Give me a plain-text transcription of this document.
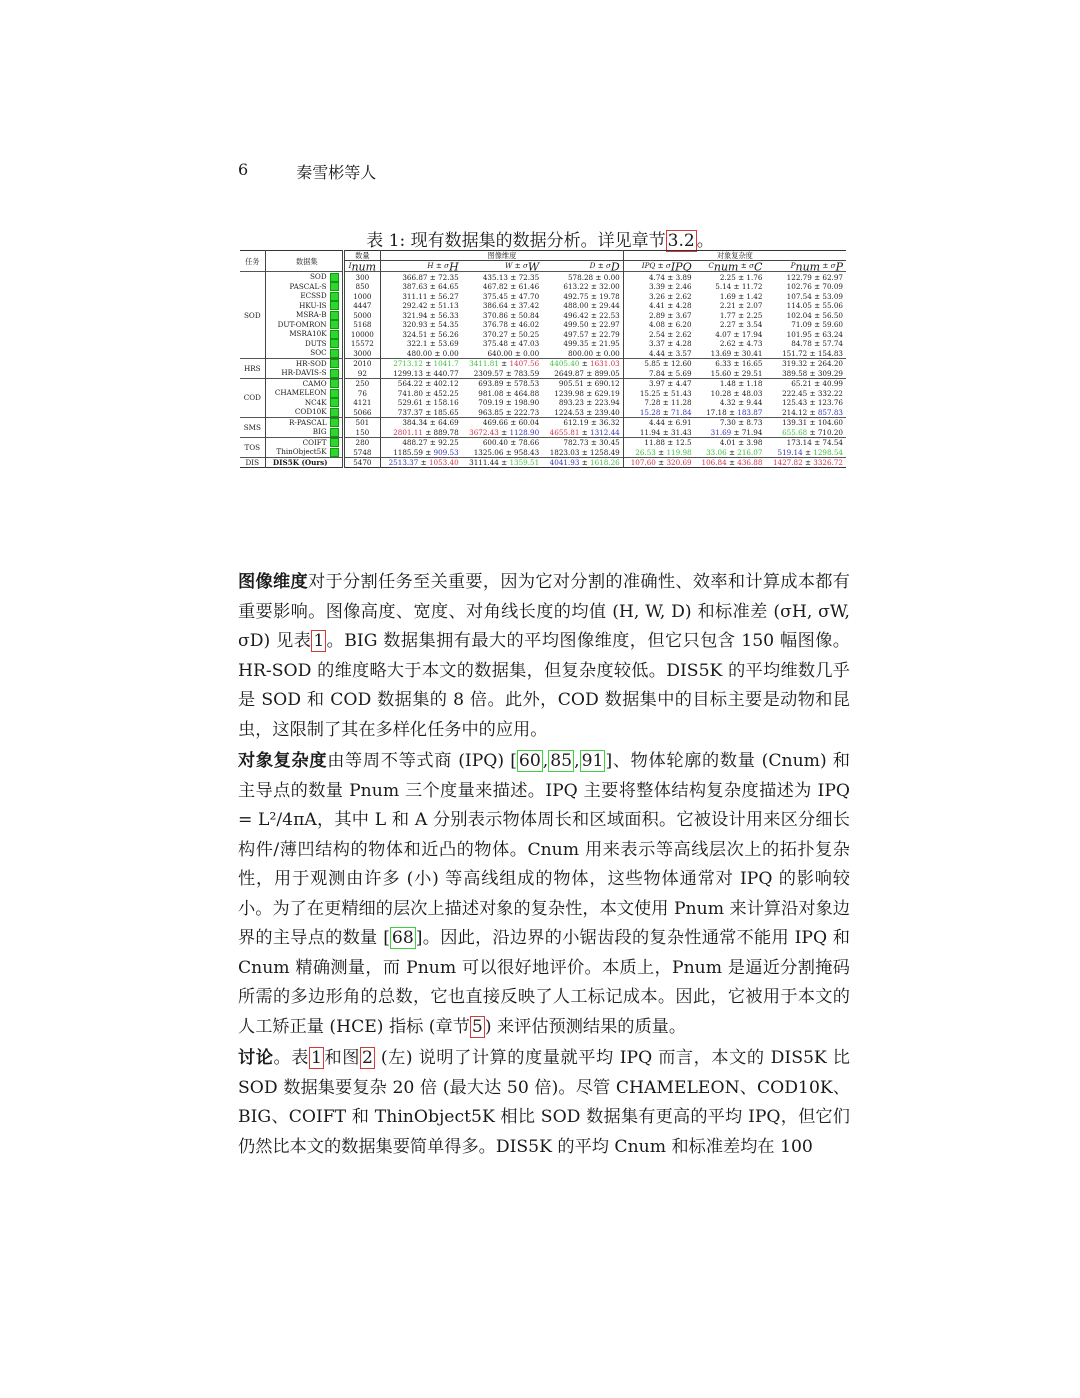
6	秦雪彬等人
表 1: 现有数据集的数据分析。详见章节 3.2 。
任务	数据集	数量	图像维度			对象复杂度		
		$I_{num}$	$H \pm \sigma_H$	$W \pm \sigma_W$	$D \pm \sigma_D$	IPQ ± $\sigma_{IPQ}$	$C_{num} \pm \sigma_C$	$P_{num} \pm \sigma_P$
SOD	SOD	300	366.87 ± 72.35	435.13 ± 72.35	578.28 ± 0.00	4.74 ± 3.89	2.25 ± 1.76	122.79 ± 62.97
	PASCAL-S	850	387.63 ± 64.65	467.82 ± 61.46	613.22 ± 32.00	3.39 ± 2.46	5.14 ± 11.72	102.76 ± 70.09
	ECSSD	1000	311.11 ± 56.27	375.45 ± 47.70	492.75 ± 19.78	3.26 ± 2.62	1.69 ± 1.42	107.54 ± 53.09
	HKU-IS	4447	292.42 ± 51.13	386.64 ± 37.42	488.00 ± 29.44	4.41 ± 4.28	2.21 ± 2.07	114.05 ± 55.06
	MSRA-B	5000	321.94 ± 56.33	370.86 ± 50.84	496.42 ± 22.53	2.89 ± 3.67	1.77 ± 2.25	102.04 ± 56.50
	DUT-OMRON	5168	320.93 ± 54.35	376.78 ± 46.02	499.50 ± 22.97	4.08 ± 6.20	2.27 ± 3.54	71.09 ± 59.60
	MSRA10K	10000	324.51 ± 56.26	370.27 ± 50.25	497.57 ± 22.79	2.54 ± 2.62	4.07 ± 17.94	101.95 ± 63.24
	DUTS	15572	322.1 ± 53.69	375.48 ± 47.03	499.35 ± 21.95	3.37 ± 4.28	2.62 ± 4.73	84.78 ± 57.74
	SOC	3000	480.00 ± 0.00	640.00 ± 0.00	800.00 ± 0.00	4.44 ± 3.57	13.69 ± 30.41	151.72 ± 154.83
HRS	HR-SOD	2010	2713.12 ± 1041.7	3411.81 ± 1407.56	4405.40 ± 1631.03	5.85 ± 12.60	6.33 ± 16.65	319.32 ± 264.20
	HR-DAVIS-S	92	1299.13 ± 440.77	2309.57 ± 783.59	2649.87 ± 899.05	7.84 ± 5.69	15.60 ± 29.51	389.58 ± 309.29
COD	CAMO	250	564.22 ± 402.12	693.89 ± 578.53	905.51 ± 690.12	3.97 ± 4.47	1.48 ± 1.18	65.21 ± 40.99
	CHAMELEON	76	741.80 ± 452.25	981.08 ± 464.88	1239.98 ± 629.19	15.25 ± 51.43	10.28 ± 48.03	222.45 ± 332.22
	NC4K	4121	529.61 ± 158.16	709.19 ± 198.90	893.23 ± 223.94	7.28 ± 11.28	4.32 ± 9.44	125.43 ± 123.76
	COD10K	5066	737.37 ± 185.65	963.85 ± 222.73	1224.53 ± 239.40	15.28 ± 71.84	17.18 ± 183.87	214.12 ± 857.83
SMS	R-PASCAL	501	384.34 ± 64.69	469.66 ± 60.04	612.19 ± 36.32	4.44 ± 6.91	7.30 ± 8.73	139.31 ± 104.60
	BIG	150	2801.11 ± 889.78	3672.43 ± 1128.90	4655.81 ± 1312.44	11.94 ± 31.43	31.69 ± 71.94	655.68 ± 710.20
TOS	COIFT	280	488.27 ± 92.25	600.40 ± 78.66	782.73 ± 30.45	11.88 ± 12.5	4.01 ± 3.98	173.14 ± 74.54
	ThinObject5K	5748	1185.59 ± 909.53	1325.06 ± 958.43	1823.03 ± 1258.49	26.53 ± 119.98	33.06 ± 216.07	519.14 ± 1298.54
DIS	DIS5K (Ours)	5470	2513.37 ± 1053.40	3111.44 ± 1359.51	4041.93 ± 1618.26	107.60 ± 320.69	106.84 ± 436.88	1427.82 ± 3326.72

图像维度对于分割任务至关重要，因为它对分割的准确性、效率和计算成本都有重要影响。图像高度、宽度、对角线长度的均值 (H, W, D) 和标准差 (σH, σW, σD) 见表 1 。BIG 数据集拥有最大的平均图像维度，但它只包含 150 幅图像。HR-SOD 的维度略大于本文的数据集，但复杂度较低。DIS5K 的平均维数几乎是 SOD 和 COD 数据集的 8 倍。此外，COD 数据集中的目标主要是动物和昆虫，这限制了其在多样化任务中的应用。

对象复杂度由等周不等式商 (IPQ) [ 60 , 85 , 91 ]、物体轮廓的数量 (Cnum) 和主导点的数量 Pnum 三个度量来描述。IPQ 主要将整体结构复杂度描述为 IPQ = L²/4πA，其中 L 和 A 分别表示物体周长和区域面积。它被设计用来区分细长构件/薄凹结构的物体和近凸的物体。Cnum 用来表示等高线层次上的拓扑复杂性，用于观测由许多 (小) 等高线组成的物体，这些物体通常对 IPQ 的影响较小。为了在更精细的层次上描述对象的复杂性，本文使用 Pnum 来计算沿对象边界的主导点的数量 [ 68 ]。因此，沿边界的小锯齿段的复杂性通常不能用 IPQ 和 Cnum 精确测量，而 Pnum 可以很好地评价。本质上，Pnum 是逼近分割掩码所需的多边形角的总数，它也直接反映了人工标记成本。因此，它被用于本文的人工矫正量 (HCE) 指标 (章节 5 ) 来评估预测结果的质量。

讨论。表 1 和图 2 (左) 说明了计算的度量就平均 IPQ 而言，本文的 DIS5K 比 SOD 数据集要复杂 20 倍 (最大达 50 倍)。尽管 CHAMELEON、COD10K、BIG、COIFT 和 ThinObject5K 相比 SOD 数据集有更高的平均 IPQ，但它们仍然比本文的数据集要简单得多。DIS5K 的平均 Cnum 和标准差均在 100
